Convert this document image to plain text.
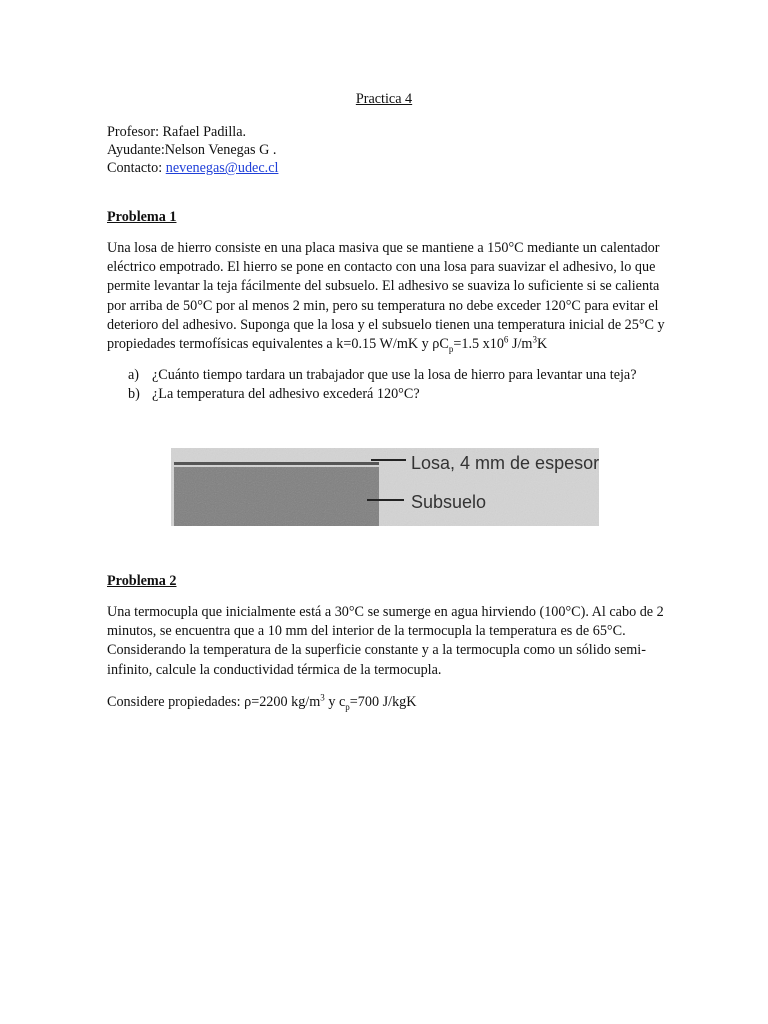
Practica 4
Profesor: Rafael Padilla.
Ayudante:Nelson Venegas G .
Contacto: nevenegas@udec.cl
Problema 1
Una losa de hierro consiste en una placa masiva que se mantiene a 150°C mediante un calentador eléctrico empotrado. El hierro se pone en contacto con una losa para suavizar el adhesivo, lo que permite levantar la teja fácilmente del subsuelo. El adhesivo se suaviza lo suficiente si se calienta por arriba de 50°C por al menos 2 min, pero su temperatura no debe exceder 120°C para evitar el deterioro del adhesivo. Suponga que la losa y el subsuelo tienen una temperatura inicial de 25°C y propiedades termofísicas equivalentes a k=0.15 W/mK y $\rho C_p=1.5$ $x10^6$ $J/m^3K$
a) ¿Cuánto tiempo tardara un trabajador que use la losa de hierro para levantar una teja?
b) ¿La temperatura del adhesivo excederá 120°C?
Losa, 4 mm de espesor
Subsuelo
Problema 2
Una termocupla que inicialmente está a 30°C se sumerge en agua hirviendo (100°C). Al cabo de 2 minutos, se encuentra que a 10 mm del interior de la termocupla la temperatura es de 65°C. Considerando la temperatura de la superficie constante y a la termocupla como un sólido semi-infinito, calcule la conductividad térmica de la termocupla.
Considere propiedades: ρ=2200 $kg/m^3$ y $c_p=700$ J/kgK
